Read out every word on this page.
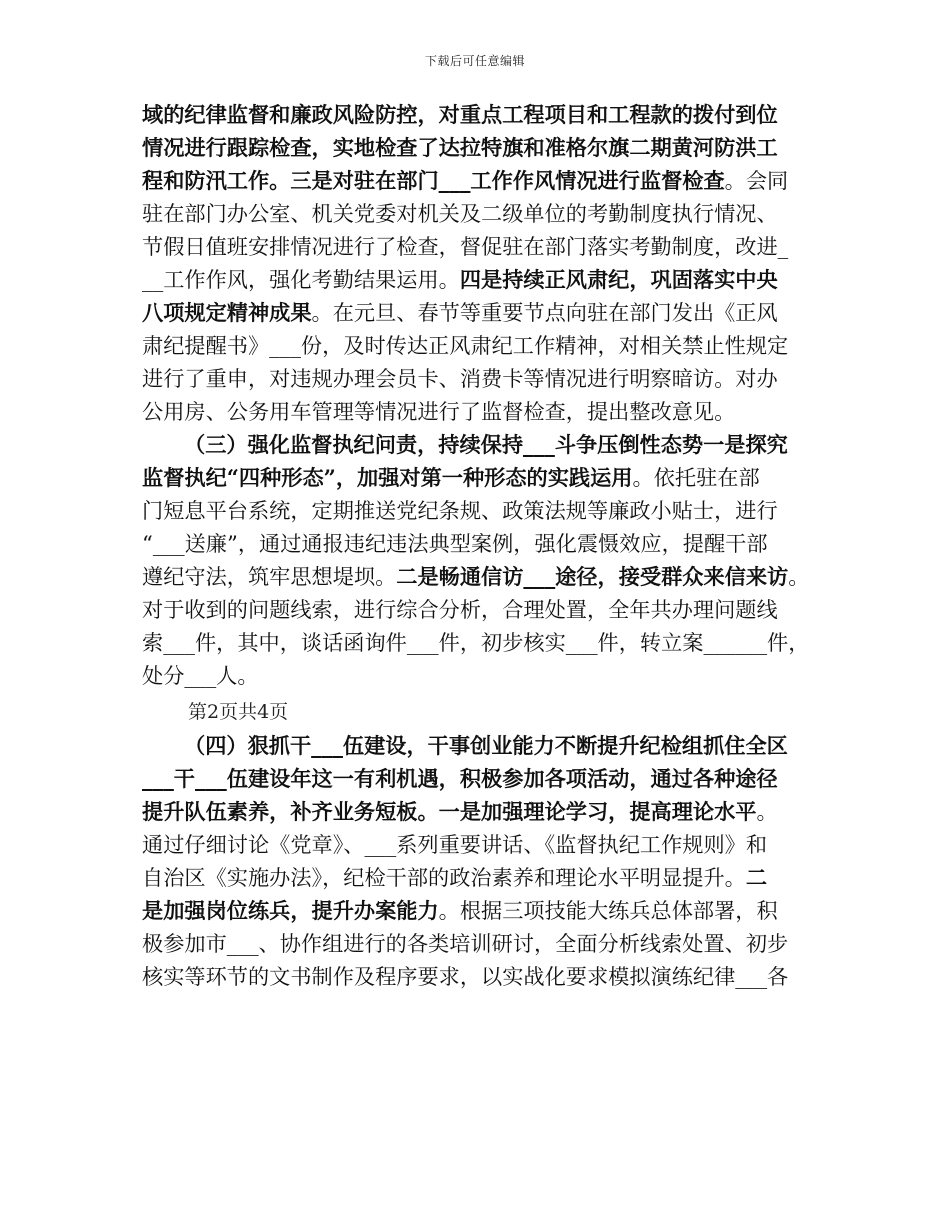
下载后可任意编辑
域的纪律监督和廉政风险防控，对重点工程项目和工程款的拨付到位
情况进行跟踪检查，实地检查了达拉特旗和准格尔旗二期黄河防洪工
程和防汛工作。三是对驻在部门___工作作风情况进行监督检查。会同
驻在部门办公室、机关党委对机关及二级单位的考勤制度执行情况、
节假日值班安排情况进行了检查，督促驻在部门落实考勤制度，改进_
__工作作风，强化考勤结果运用。四是持续正风肃纪，巩固落实中央
八项规定精神成果。在元旦、春节等重要节点向驻在部门发出《正风
肃纪提醒书》___份，及时传达正风肃纪工作精神，对相关禁止性规定
进行了重申，对违规办理会员卡、消费卡等情况进行明察暗访。对办
公用房、公务用车管理等情况进行了监督检查，提出整改意见。
（三）强化监督执纪问责，持续保持___斗争压倒性态势一是探究
监督执纪“四种形态”，加强对第一种形态的实践运用。依托驻在部
门短息平台系统，定期推送党纪条规、政策法规等廉政小贴士，进行
“___送廉”，通过通报违纪违法典型案例，强化震慑效应，提醒干部
遵纪守法，筑牢思想堤坝。二是畅通信访___途径，接受群众来信来访。
对于收到的问题线索，进行综合分析，合理处置，全年共办理问题线
索___件，其中，谈话函询件___件，初步核实___件，转立案______件，
处分___人。
第2页共4页
（四）狠抓干___伍建设，干事创业能力不断提升纪检组抓住全区
___干___伍建设年这一有利机遇，积极参加各项活动，通过各种途径
提升队伍素养，补齐业务短板。一是加强理论学习，提高理论水平。
通过仔细讨论《党章》、___系列重要讲话、《监督执纪工作规则》和
自治区《实施办法》，纪检干部的政治素养和理论水平明显提升。二
是加强岗位练兵，提升办案能力。根据三项技能大练兵总体部署，积
极参加市___、协作组进行的各类培训研讨，全面分析线索处置、初步
核实等环节的文书制作及程序要求，以实战化要求模拟演练纪律___各
